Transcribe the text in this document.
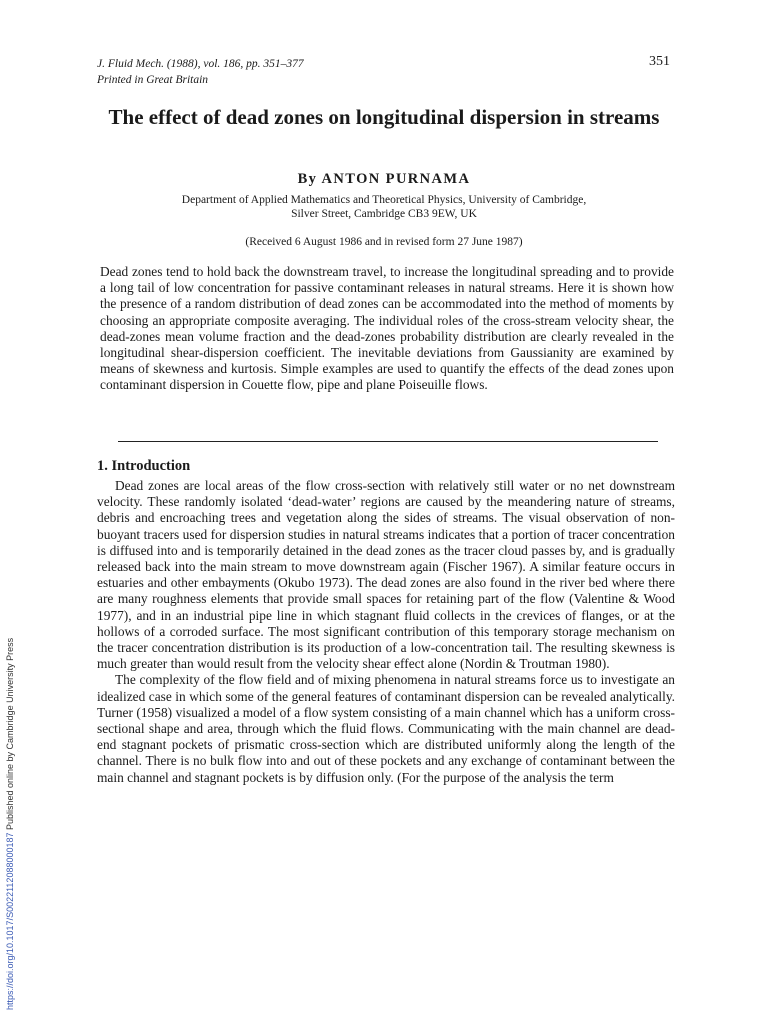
J. Fluid Mech. (1988), vol. 186, pp. 351–377
Printed in Great Britain
351
The effect of dead zones on longitudinal dispersion in streams
By ANTON PURNAMA
Department of Applied Mathematics and Theoretical Physics, University of Cambridge,
Silver Street, Cambridge CB3 9EW, UK
(Received 6 August 1986 and in revised form 27 June 1987)
Dead zones tend to hold back the downstream travel, to increase the longitudinal spreading and to provide a long tail of low concentration for passive contaminant releases in natural streams. Here it is shown how the presence of a random distribution of dead zones can be accommodated into the method of moments by choosing an appropriate composite averaging. The individual roles of the cross-stream velocity shear, the dead-zones mean volume fraction and the dead-zones probability distribution are clearly revealed in the longitudinal shear-dispersion coefficient. The inevitable deviations from Gaussianity are examined by means of skewness and kurtosis. Simple examples are used to quantify the effects of the dead zones upon contaminant dispersion in Couette flow, pipe and plane Poiseuille flows.
1. Introduction

Dead zones are local areas of the flow cross-section with relatively still water or no net downstream velocity. These randomly isolated ‘dead-water’ regions are caused by the meandering nature of streams, debris and encroaching trees and vegetation along the sides of streams. The visual observation of non-buoyant tracers used for dispersion studies in natural streams indicates that a portion of tracer concentration is diffused into and is temporarily detained in the dead zones as the tracer cloud passes by, and is gradually released back into the main stream to move downstream again (Fischer 1967). A similar feature occurs in estuaries and other embayments (Okubo 1973). The dead zones are also found in the river bed where there are many roughness elements that provide small spaces for retaining part of the flow (Valentine & Wood 1977), and in an industrial pipe line in which stagnant fluid collects in the crevices of flanges, or at the hollows of a corroded surface. The most significant contribution of this temporary storage mechanism on the tracer concentration distribution is its production of a low-concentration tail. The resulting skewness is much greater than would result from the velocity shear effect alone (Nordin & Troutman 1980).

The complexity of the flow field and of mixing phenomena in natural streams force us to investigate an idealized case in which some of the general features of contaminant dispersion can be revealed analytically. Turner (1958) visualized a model of a flow system consisting of a main channel which has a uniform cross-sectional shape and area, through which the fluid flows. Communicating with the main channel are dead-end stagnant pockets of prismatic cross-section which are distributed uniformly along the length of the channel. There is no bulk flow into and out of these pockets and any exchange of contaminant between the main channel and stagnant pockets is by diffusion only. (For the purpose of the analysis the term

https://doi.org/10.1017/S0022112088000187 Published online by Cambridge University Press
